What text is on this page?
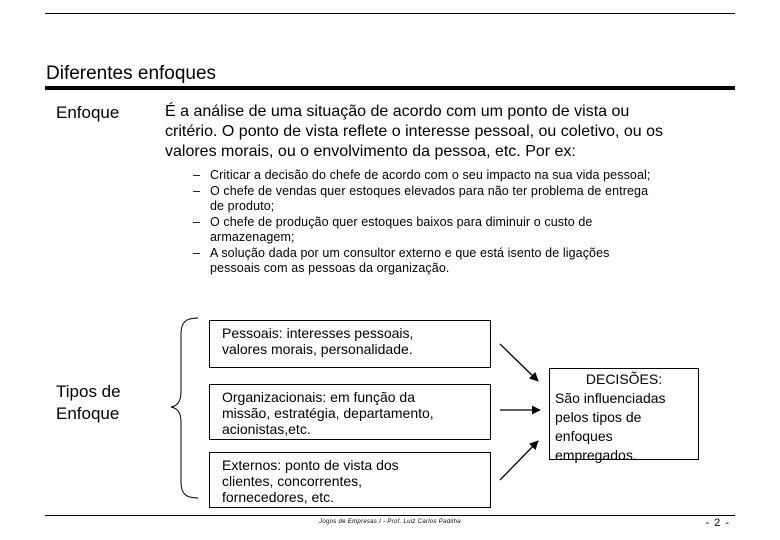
Diferentes enfoques
Enfoque	É a análise de uma situação de acordo com um ponto de vista ou
critério. O ponto de vista reflete o interesse pessoal, ou coletivo, ou os
valores morais, ou o envolvimento da pessoa, etc. Por ex:
– Criticar a decisão do chefe de acordo com o seu impacto na sua vida pessoal;
– O chefe de vendas quer estoques elevados para não ter problema de entrega
de produto;
– O chefe de produção quer estoques baixos para diminuir o custo de
armazenagem;
– A solução dada por um consultor externo e que está isento de ligações
pessoais com as pessoas da organização.
Tipos de
Enfoque
Pessoais: interesses pessoais,
valores morais, personalidade.
Organizacionais: em função da
missão, estratégia, departamento,
acionistas,etc.
Externos: ponto de vista dos
clientes, concorrentes,
fornecedores, etc.
DECISÕES:
São influenciadas
pelos tipos de
enfoques
empregados.
Jogos de Empresas I - Prof. Luiz Carlos Padilha	- 2 -
